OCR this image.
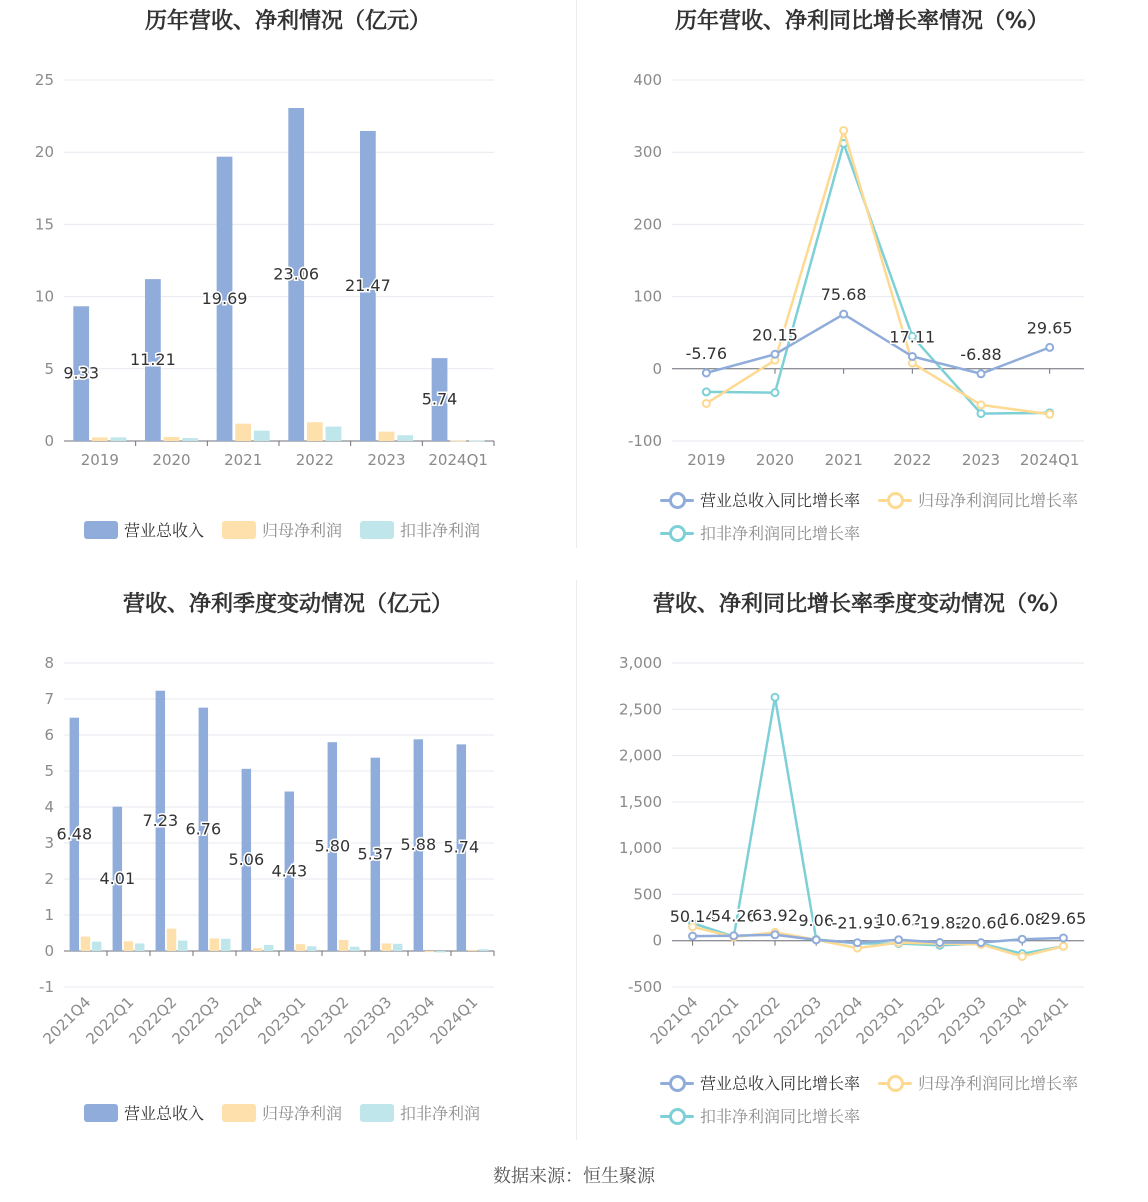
历年营收、净利情况（亿元）
0
5
10
15
20
25
2019 2020 2021 2022 2023 2024Q1
9.33
11.21
19.69
23.06
21.47
5.74
营业总收入	归母净利润	扣非净利润
历年营收、净利同比增长率情况（%）
-100
0
100
200
300
400
2019 2020 2021 2022 2023 2024Q1
-5.76
20.15
75.68
17.11
-6.88
29.65
营业总收入同比增长率	归母净利润同比增长率
扣非净利润同比增长率
营收、净利季度变动情况（亿元）
-1
0
1
2
3
4
5
6
7
8
2021Q4
2022Q1
2022Q2
2022Q3
2022Q4
2023Q1
2023Q2
2023Q3
2023Q4
2024Q1
6.48
4.01
7.23 6.76
5.06
4.43
5.80 5.37 5.88 5.74
营业总收入	归母净利润	扣非净利润
营收、净利同比增长率季度变动情况（%）
-500
0
500
1,000
1,500
2,000
2,500
3,000
2021Q4
2022Q1
2022Q2
2022Q3
2022Q4
2023Q1
2023Q2
2023Q3
2023Q4
2024Q1
50.14
54.26
63.92 9.06
-21.93
10.62
-19.82
-20.60
16.08
29.65
营业总收入同比增长率	归母净利润同比增长率
扣非净利润同比增长率
数据来源：恒生聚源
